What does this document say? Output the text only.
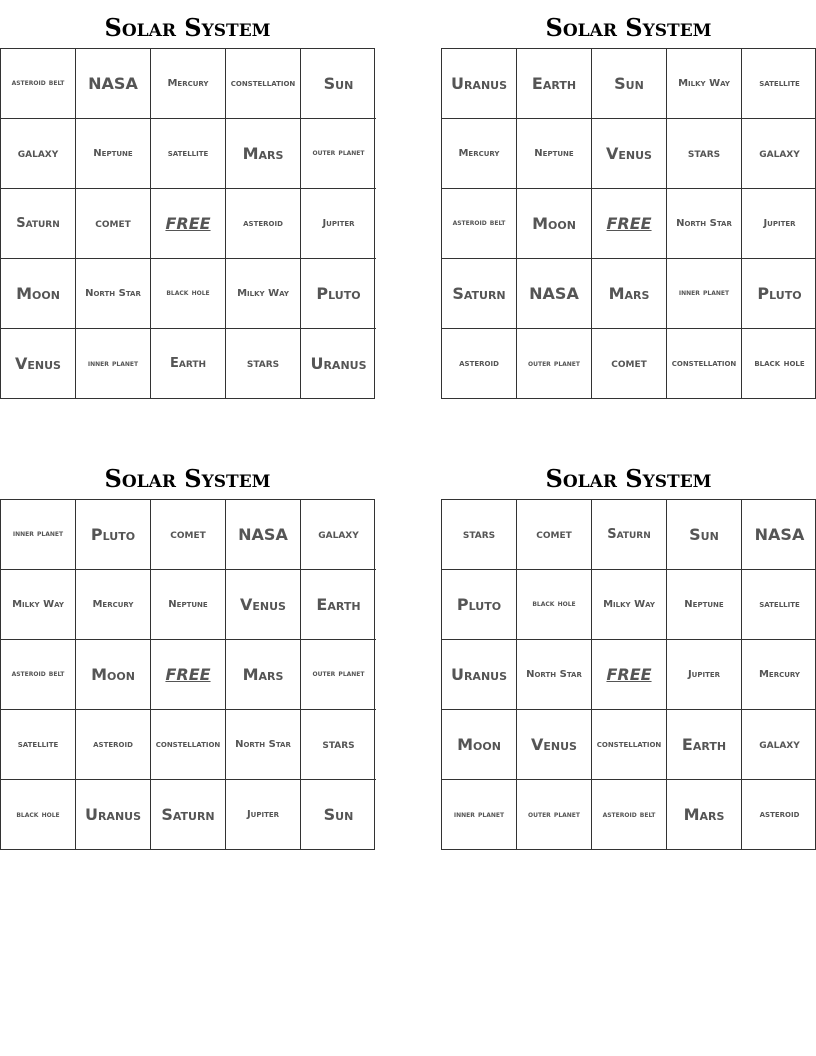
Solar System
asteroid belt	NASA	Mercury	constellation	Sun
galaxy	Neptune	satellite	Mars	outer planet
Saturn	comet	FREE	asteroid	Jupiter
Moon	North Star	black hole	Milky Way	Pluto
Venus	inner planet	Earth	stars	Uranus
Solar System
Uranus	Earth	Sun	Milky Way	satellite
Mercury	Neptune	Venus	stars	galaxy
asteroid belt	Moon	FREE	North Star	Jupiter
Saturn	NASA	Mars	inner planet	Pluto
asteroid	outer planet	comet	constellation	black hole
Solar System
inner planet	Pluto	comet	NASA	galaxy
Milky Way	Mercury	Neptune	Venus	Earth
asteroid belt	Moon	FREE	Mars	outer planet
satellite	asteroid	constellation	North Star	stars
black hole	Uranus	Saturn	Jupiter	Sun
Solar System
stars	comet	Saturn	Sun	NASA
Pluto	black hole	Milky Way	Neptune	satellite
Uranus	North Star	FREE	Jupiter	Mercury
Moon	Venus	constellation	Earth	galaxy
inner planet	outer planet	asteroid belt	Mars	asteroid
